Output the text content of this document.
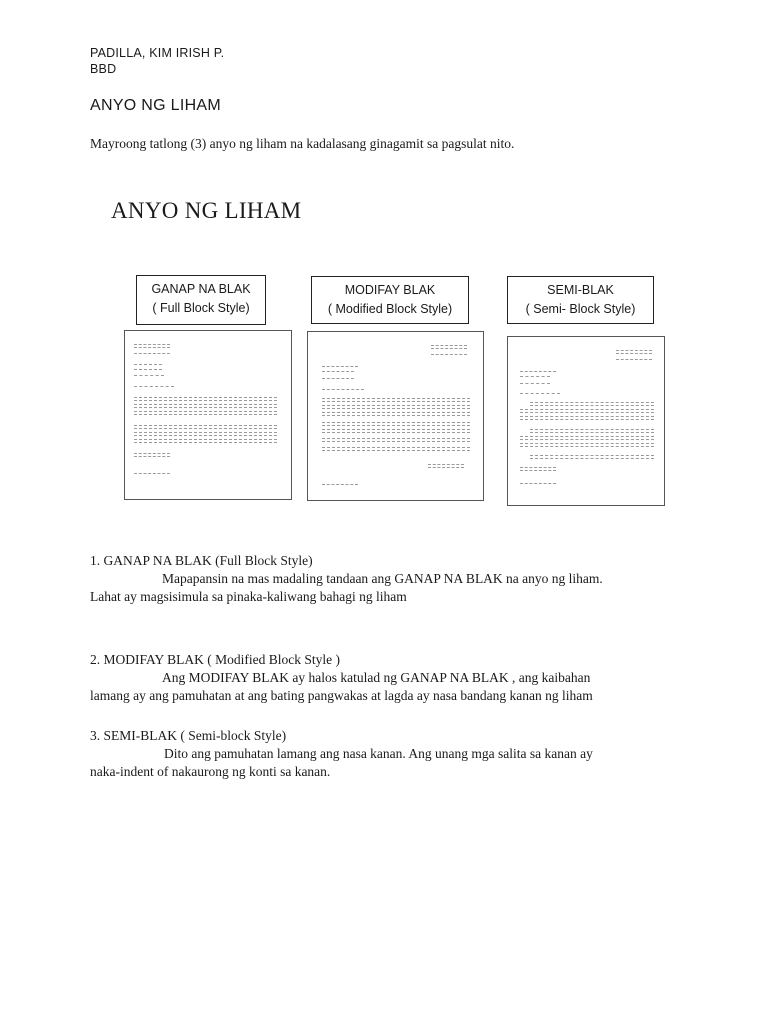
PADILLA, KIM IRISH P.
BBD
ANYO NG LIHAM
Mayroong tatlong (3) anyo ng liham na kadalasang ginagamit sa pagsulat nito.
ANYO NG LIHAM
GANAP NA BLAK
( Full Block Style)
MODIFAY BLAK
( Modified Block Style)
SEMI-BLAK
( Semi- Block Style)
1. GANAP NA BLAK (Full Block Style)
Mapapansin na mas madaling tandaan ang GANAP NA BLAK na anyo ng liham.
Lahat ay magsisimula sa pinaka-kaliwang bahagi ng liham
2. MODIFAY BLAK ( Modified Block Style )
Ang MODIFAY BLAK ay halos katulad ng GANAP NA BLAK , ang kaibahan
lamang ay ang pamuhatan at ang bating pangwakas at lagda ay nasa bandang kanan ng liham
3. SEMI-BLAK ( Semi-block Style)
Dito ang pamuhatan lamang ang nasa kanan. Ang unang mga salita sa kanan ay
naka-indent of nakaurong ng konti sa kanan.
